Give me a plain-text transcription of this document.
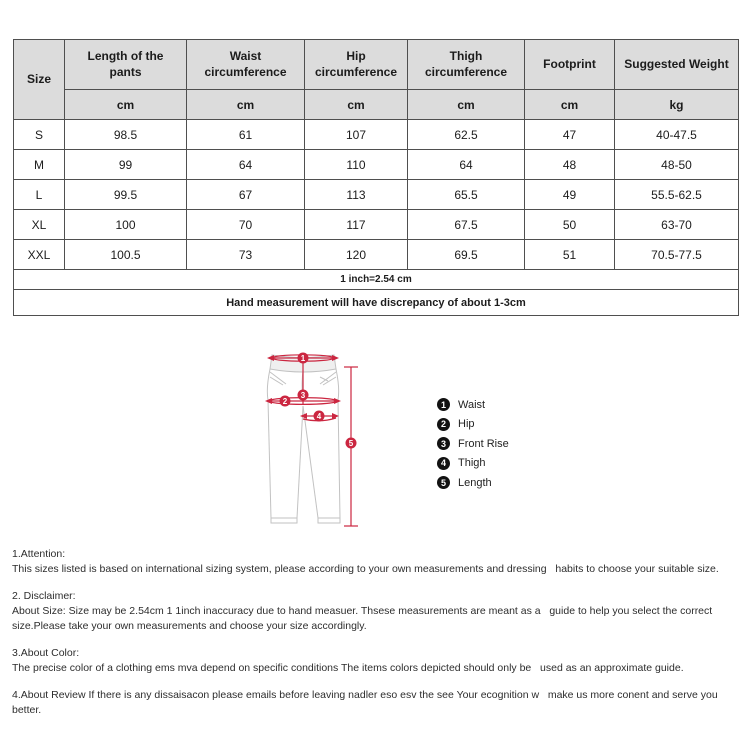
Size	Length of the pants	Waist circumference	Hip circumference	Thigh circumference	Footprint	Suggested Weight
	cm	cm	cm	cm	cm	kg
S	98.5	61	107	62.5	47	40-47.5
M	99	64	110	64	48	48-50
L	99.5	67	113	65.5	49	55.5-62.5
XL	100	70	117	67.5	50	63-70
XXL	100.5	73	120	69.5	51	70.5-77.5
1 inch=2.54 cm						
Hand measurement will have discrepancy of about 1-3cm						
1
2
3
4
5
1	Waist
2	Hip
3	Front Rise
4	Thigh
5	Length

1.Attention:

This sizes listed is based on international sizing system, please according to your own measurements and dressing   habits to choose your suitable size.

2. Disclaimer:

About Size: Size may be 2.54cm 1 1inch inaccuracy due to hand measuer. Thsese measurements are meant as a   guide to help you select the correct size.Please take your own measurements and choose your size accordingly.

3.About Color:

The precise color of a clothing ems mva depend on specific conditions The items colors depicted should only be   used as an approximate guide.

4.About Review If there is any dissaisacon please emails before leaving nadler eso esv the see Your ecognition w   make us more conent and serve you better.
